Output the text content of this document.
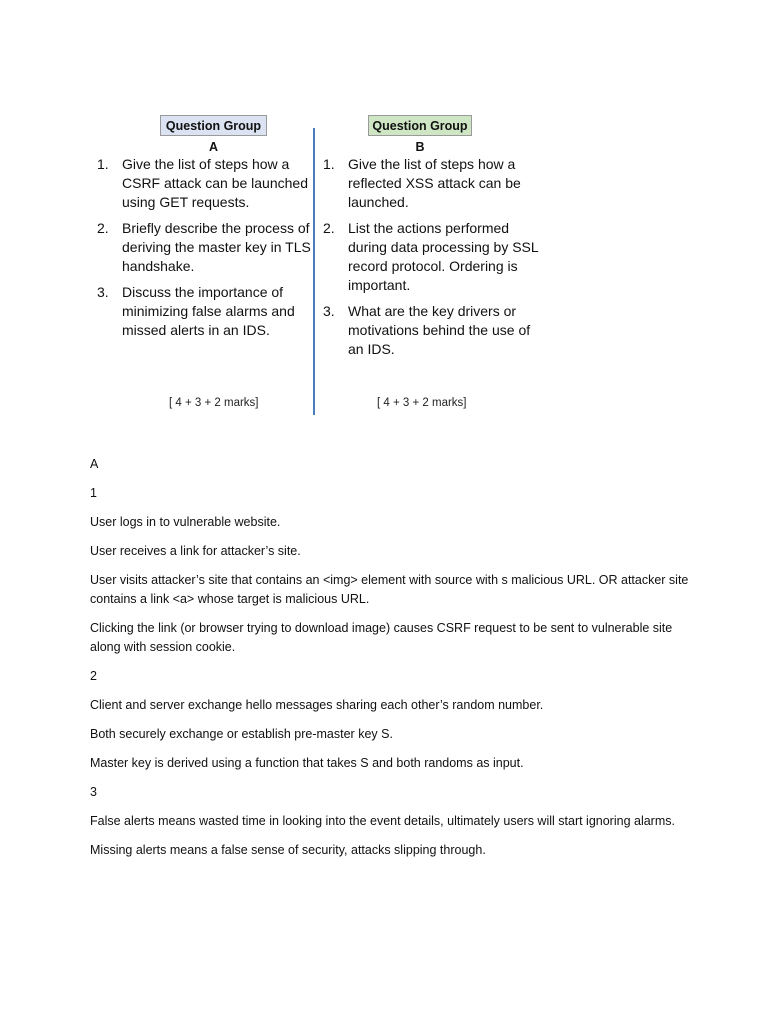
Question Group A
Question Group B
1. Give the list of steps how a CSRF attack can be launched using GET requests.
2. Briefly describe the process of deriving the master key in TLS handshake.
3. Discuss the importance of minimizing false alarms and missed alerts in an IDS.
1. Give the list of steps how a reflected XSS attack can be launched.
2. List the actions performed during data processing by SSL record protocol. Ordering is important.
3. What are the key drivers or motivations behind the use of an IDS.
[ 4 + 3 + 2 marks]	[ 4 + 3 + 2 marks]

A

1

User logs in to vulnerable website.

User receives a link for attacker’s site.

User visits attacker’s site that contains an <img> element with source with s malicious URL. OR attacker site contains a link <a> whose target is malicious URL.

Clicking the link (or browser trying to download image) causes CSRF request to be sent to vulnerable site along with session cookie.

2

Client and server exchange hello messages sharing each other’s random number.

Both securely exchange or establish pre-master key S.

Master key is derived using a function that takes S and both randoms as input.

3

False alerts means wasted time in looking into the event details, ultimately users will start ignoring alarms.

Missing alerts means a false sense of security, attacks slipping through.
